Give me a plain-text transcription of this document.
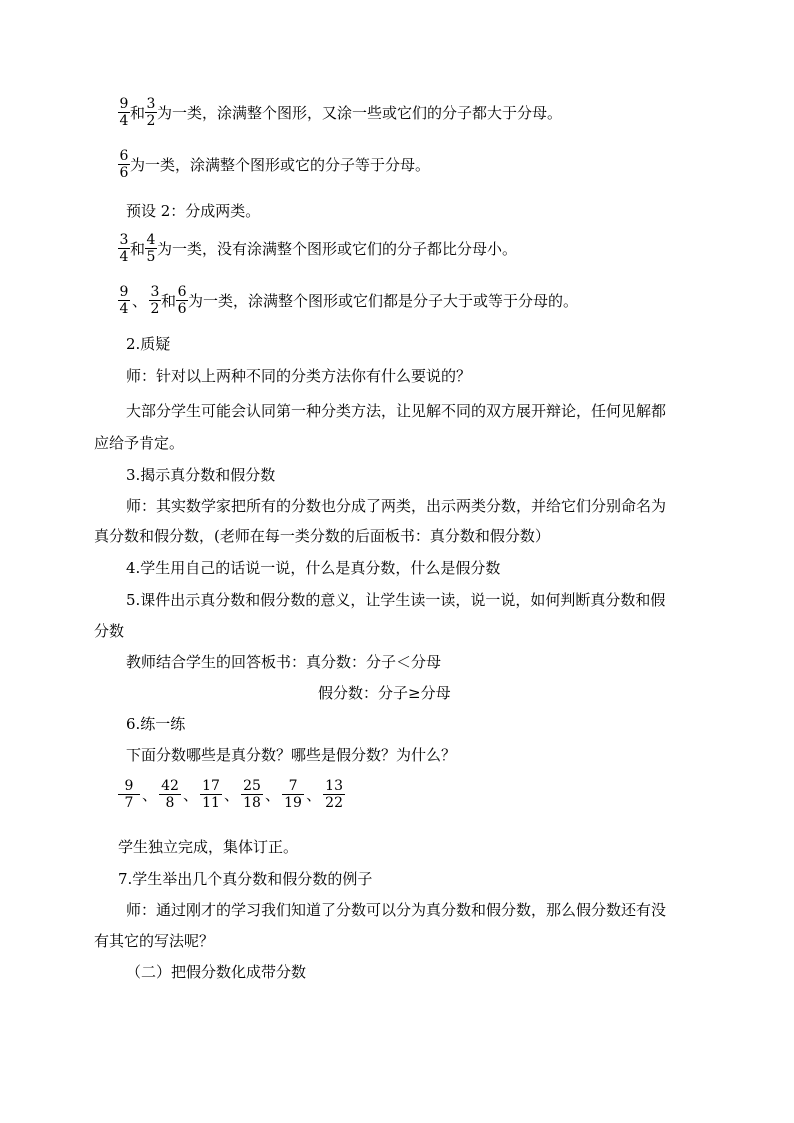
$\frac{9}{4}$ 和 $\frac{3}{2}$ 为一类，涂满整个图形，又涂一些或它们的分子都大于分母。
$\frac{6}{6}$ 为一类，涂满整个图形或它的分子等于分母。
预设 2：分成两类。
$\frac{3}{4}$ 和 $\frac{4}{5}$ 为一类，没有涂满整个图形或它们的分子都比分母小。
$\frac{9}{4}$ 、 $\frac{3}{2}$ 和 $\frac{6}{6}$ 为一类，涂满整个图形或它们都是分子大于或等于分母的。
2.质疑
师：针对以上两种不同的分类方法你有什么要说的？
大部分学生可能会认同第一种分类方法，让见解不同的双方展开辩论，任何见解都
应给予肯定。
3.揭示真分数和假分数
师：其实数学家把所有的分数也分成了两类，出示两类分数，并给它们分别命名为
真分数和假分数，(老师在每一类分数的后面板书：真分数和假分数）
4.学生用自己的话说一说，什么是真分数，什么是假分数
5.课件出示真分数和假分数的意义，让学生读一读，说一说，如何判断真分数和假
分数
教师结合学生的回答板书：真分数：分子＜分母
假分数：分子≥分母
6.练一练
下面分数哪些是真分数？哪些是假分数？为什么？
$\frac{9}{7}$ 、 $\frac{42}{8}$ 、 $\frac{17}{11}$ 、 $\frac{25}{18}$ 、 $\frac{7}{19}$ 、 $\frac{13}{22}$
学生独立完成，集体订正。
7.学生举出几个真分数和假分数的例子
师：通过刚才的学习我们知道了分数可以分为真分数和假分数，那么假分数还有没
有其它的写法呢？
（二）把假分数化成带分数
